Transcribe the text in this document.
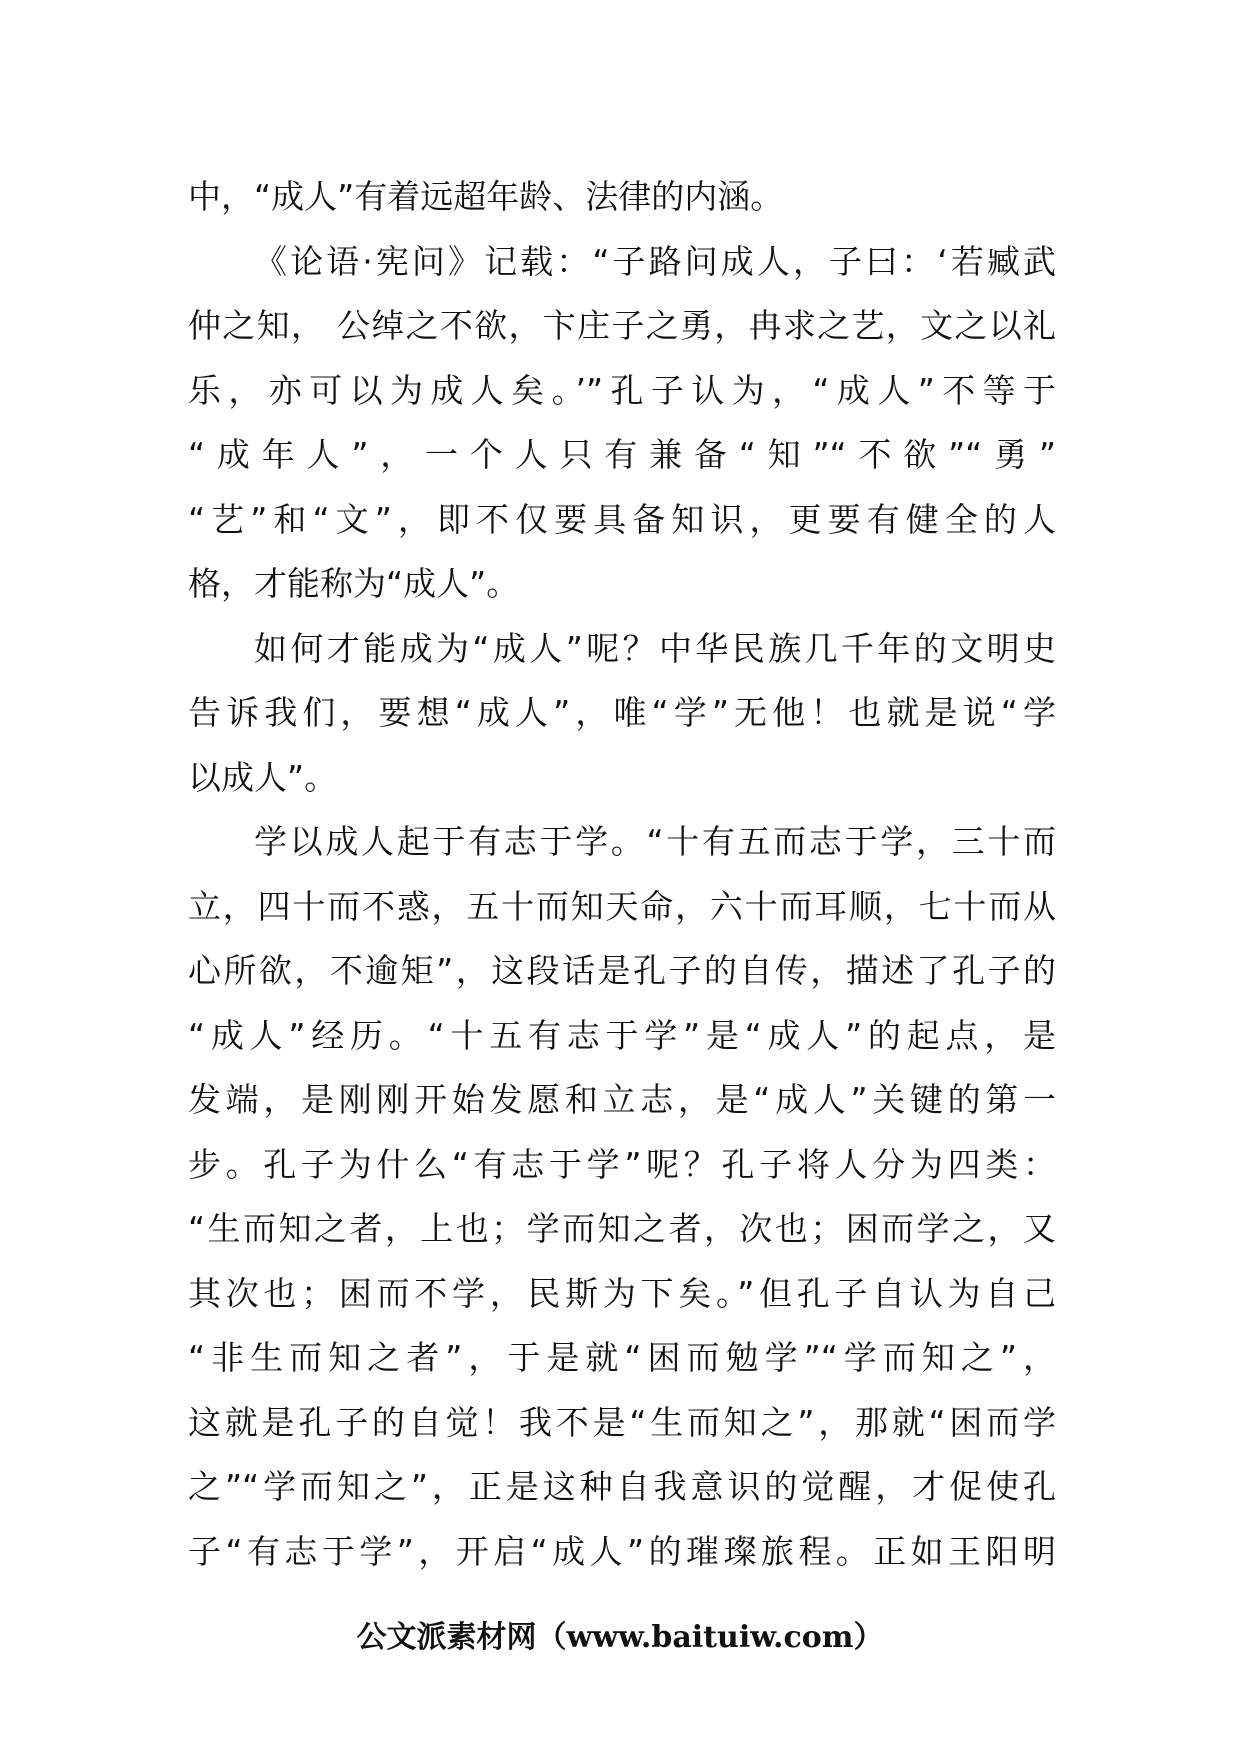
中，“成人”有着远超年龄、法律的内涵。
《论语·宪问》记载：“子路问成人，子曰：‘若臧武
仲之知， 公绰之不欲，卞庄子之勇，冉求之艺，文之以礼
乐，亦可以为成人矣。’”孔子认为，“成人”不等于
“成年人”，一个人只有兼备“知”“不欲”“勇”
“艺”和“文”，即不仅要具备知识，更要有健全的人
格，才能称为“成人”。
如何才能成为“成人”呢？中华民族几千年的文明史
告诉我们，要想“成人”，唯“学”无他！也就是说“学
以成人”。
学以成人起于有志于学。“十有五而志于学，三十而
立，四十而不惑，五十而知天命，六十而耳顺，七十而从
心所欲，不逾矩”，这段话是孔子的自传，描述了孔子的
“成人”经历。“十五有志于学”是“成人”的起点，是
发端，是刚刚开始发愿和立志，是“成人”关键的第一
步。孔子为什么“有志于学”呢？孔子将人分为四类：
“生而知之者，上也；学而知之者，次也；困而学之，又
其次也；困而不学，民斯为下矣。”但孔子自认为自己
“非生而知之者”，于是就“困而勉学”“学而知之”，
这就是孔子的自觉！我不是“生而知之”，那就“困而学
之”“学而知之”，正是这种自我意识的觉醒，才促使孔
子“有志于学”，开启“成人”的璀璨旅程。正如王阳明
公文派素材网（www.baituiw.com）
